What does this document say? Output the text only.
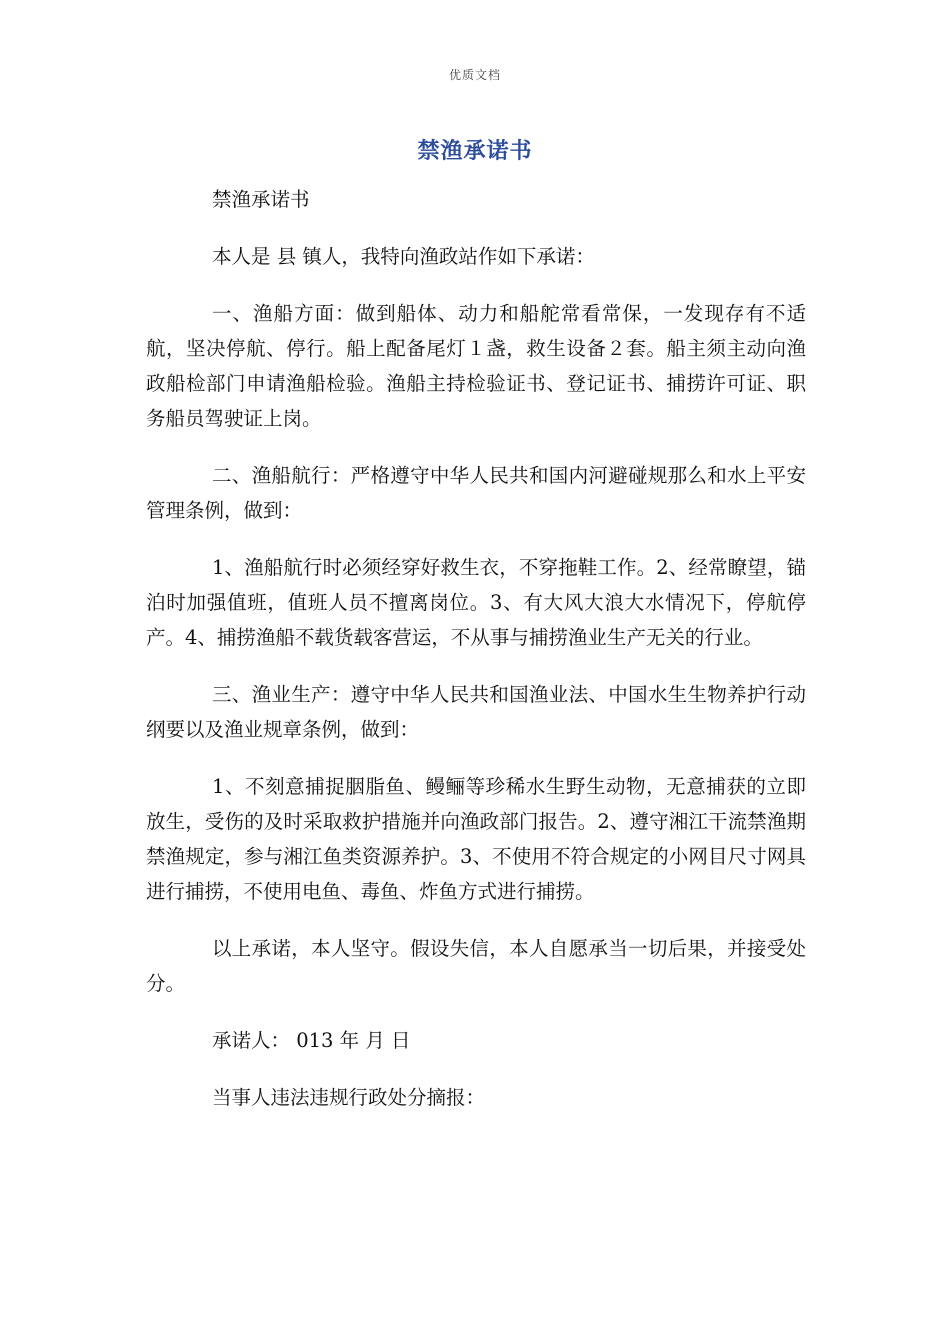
优质文档
禁渔承诺书

禁渔承诺书

本人是 县 镇人，我特向渔政站作如下承诺：

一、渔船方面：做到船体、动力和船舵常看常保，一发现存有不适航，坚决停航、停行。船上配备尾灯１盏，救生设备２套。船主须主动向渔政船检部门申请渔船检验。渔船主持检验证书、登记证书、捕捞许可证、职务船员驾驶证上岗。

二、渔船航行：严格遵守中华人民共和国内河避碰规那么和水上平安管理条例，做到：

1、渔船航行时必须经穿好救生衣，不穿拖鞋工作。2、经常瞭望，锚泊时加强值班，值班人员不擅离岗位。3、有大风大浪大水情况下，停航停产。4、捕捞渔船不载货载客营运，不从事与捕捞渔业生产无关的行业。

三、渔业生产：遵守中华人民共和国渔业法、中国水生生物养护行动纲要以及渔业规章条例，做到：

1、不刻意捕捉胭脂鱼、鳗鲡等珍稀水生野生动物，无意捕获的立即放生，受伤的及时采取救护措施并向渔政部门报告。2、遵守湘江干流禁渔期禁渔规定，参与湘江鱼类资源养护。3、不使用不符合规定的小网目尺寸网具进行捕捞，不使用电鱼、毒鱼、炸鱼方式进行捕捞。

以上承诺，本人坚守。假设失信，本人自愿承当一切后果，并接受处分。

承诺人： 013 年 月 日

当事人违法违规行政处分摘报：
